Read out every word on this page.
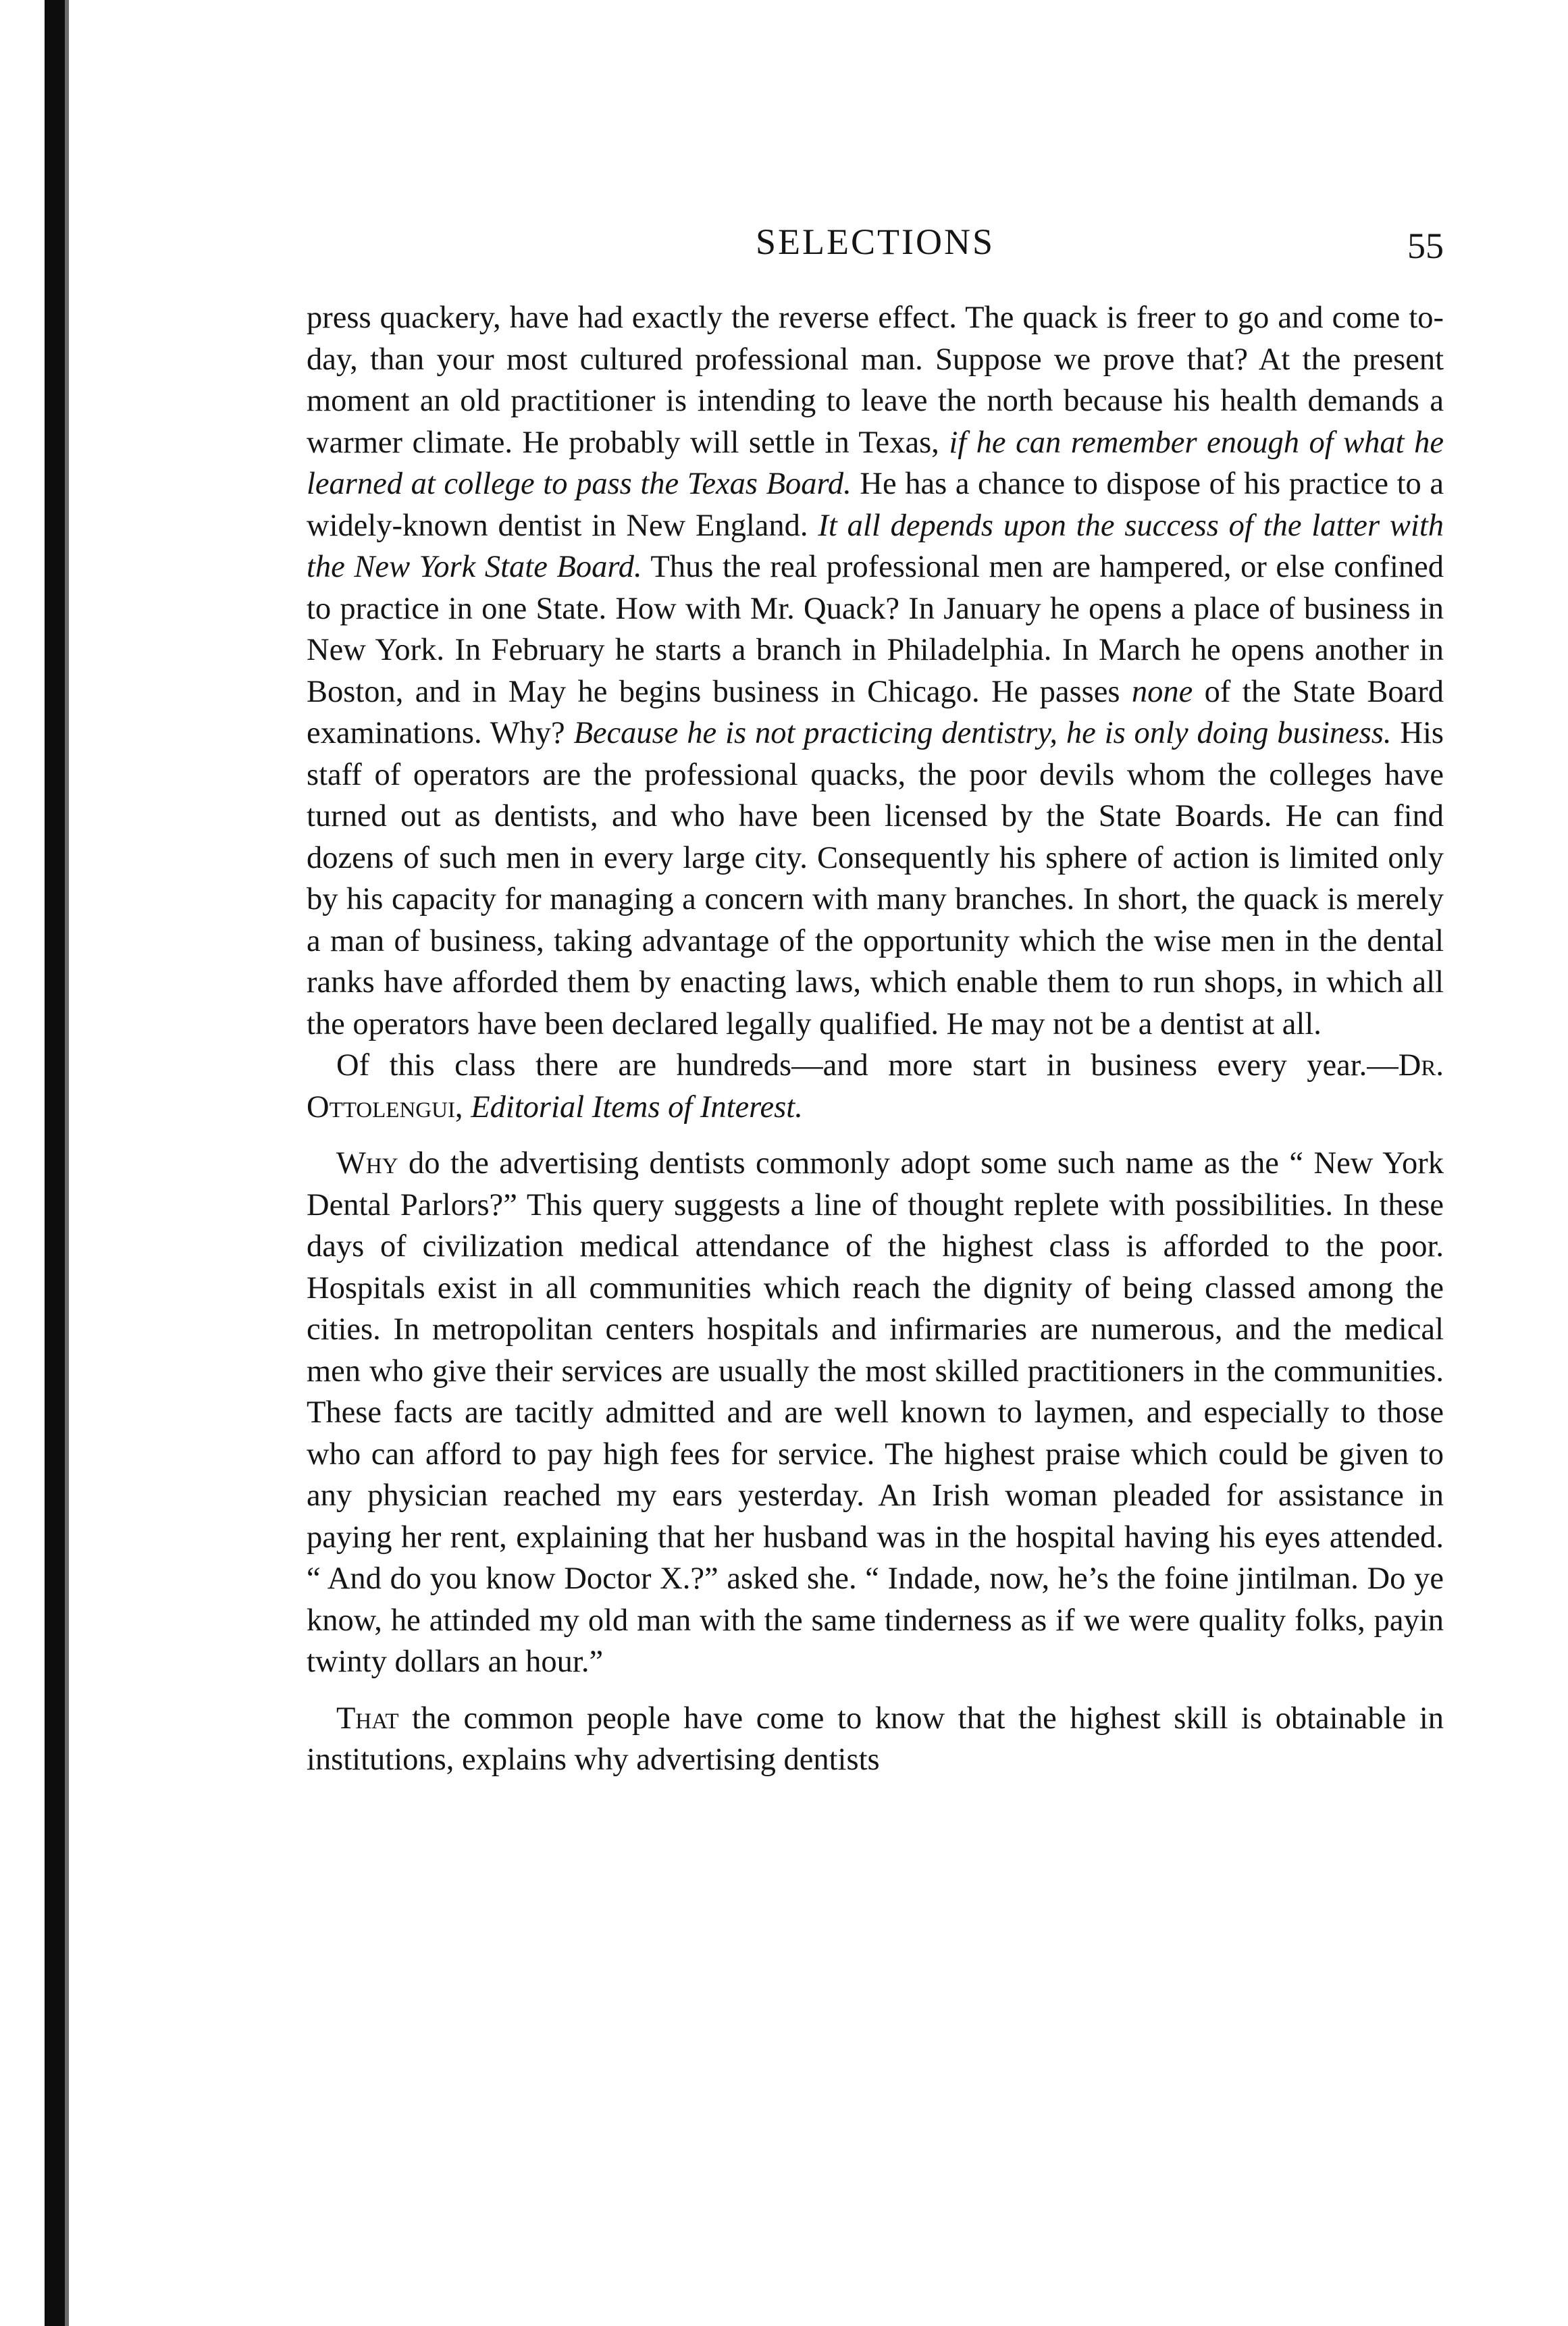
SELECTIONS	55

press quackery, have had exactly the reverse effect. The quack is freer to go and come to-day, than your most cultured professional man. Suppose we prove that? At the present moment an old practitioner is intending to leave the north because his health demands a warmer climate. He probably will settle in Texas, if he can remember enough of what he learned at college to pass the Texas Board. He has a chance to dispose of his practice to a widely-known dentist in New England. It all depends upon the success of the latter with the New York State Board. Thus the real professional men are hampered, or else confined to practice in one State. How with Mr. Quack? In January he opens a place of business in New York. In February he starts a branch in Philadelphia. In March he opens another in Boston, and in May he begins business in Chicago. He passes none of the State Board examinations. Why? Because he is not practicing dentistry, he is only doing business. His staff of operators are the professional quacks, the poor devils whom the colleges have turned out as dentists, and who have been licensed by the State Boards. He can find dozens of such men in every large city. Consequently his sphere of action is limited only by his capacity for managing a concern with many branches. In short, the quack is merely a man of business, taking advantage of the opportunity which the wise men in the dental ranks have afforded them by enacting laws, which enable them to run shops, in which all the operators have been declared legally qualified. He may not be a dentist at all.

Of this class there are hundreds—and more start in business every year.—Dr. Ottolengui, Editorial Items of Interest.

Why do the advertising dentists commonly adopt some such name as the “ New York Dental Parlors?” This query suggests a line of thought replete with possibilities. In these days of civilization medical attendance of the highest class is afforded to the poor. Hospitals exist in all communities which reach the dignity of being classed among the cities. In metropolitan centers hospitals and infirmaries are numerous, and the medical men who give their services are usually the most skilled practitioners in the communities. These facts are tacitly admitted and are well known to laymen, and especially to those who can afford to pay high fees for service. The highest praise which could be given to any physician reached my ears yesterday. An Irish woman pleaded for assistance in paying her rent, explaining that her husband was in the hospital having his eyes attended. “ And do you know Doctor X.?” asked she. “ Indade, now, he’s the foine jintilman. Do ye know, he attinded my old man with the same tinderness as if we were quality folks, payin twinty dollars an hour.”

That the common people have come to know that the highest skill is obtainable in institutions, explains why advertising dentists
